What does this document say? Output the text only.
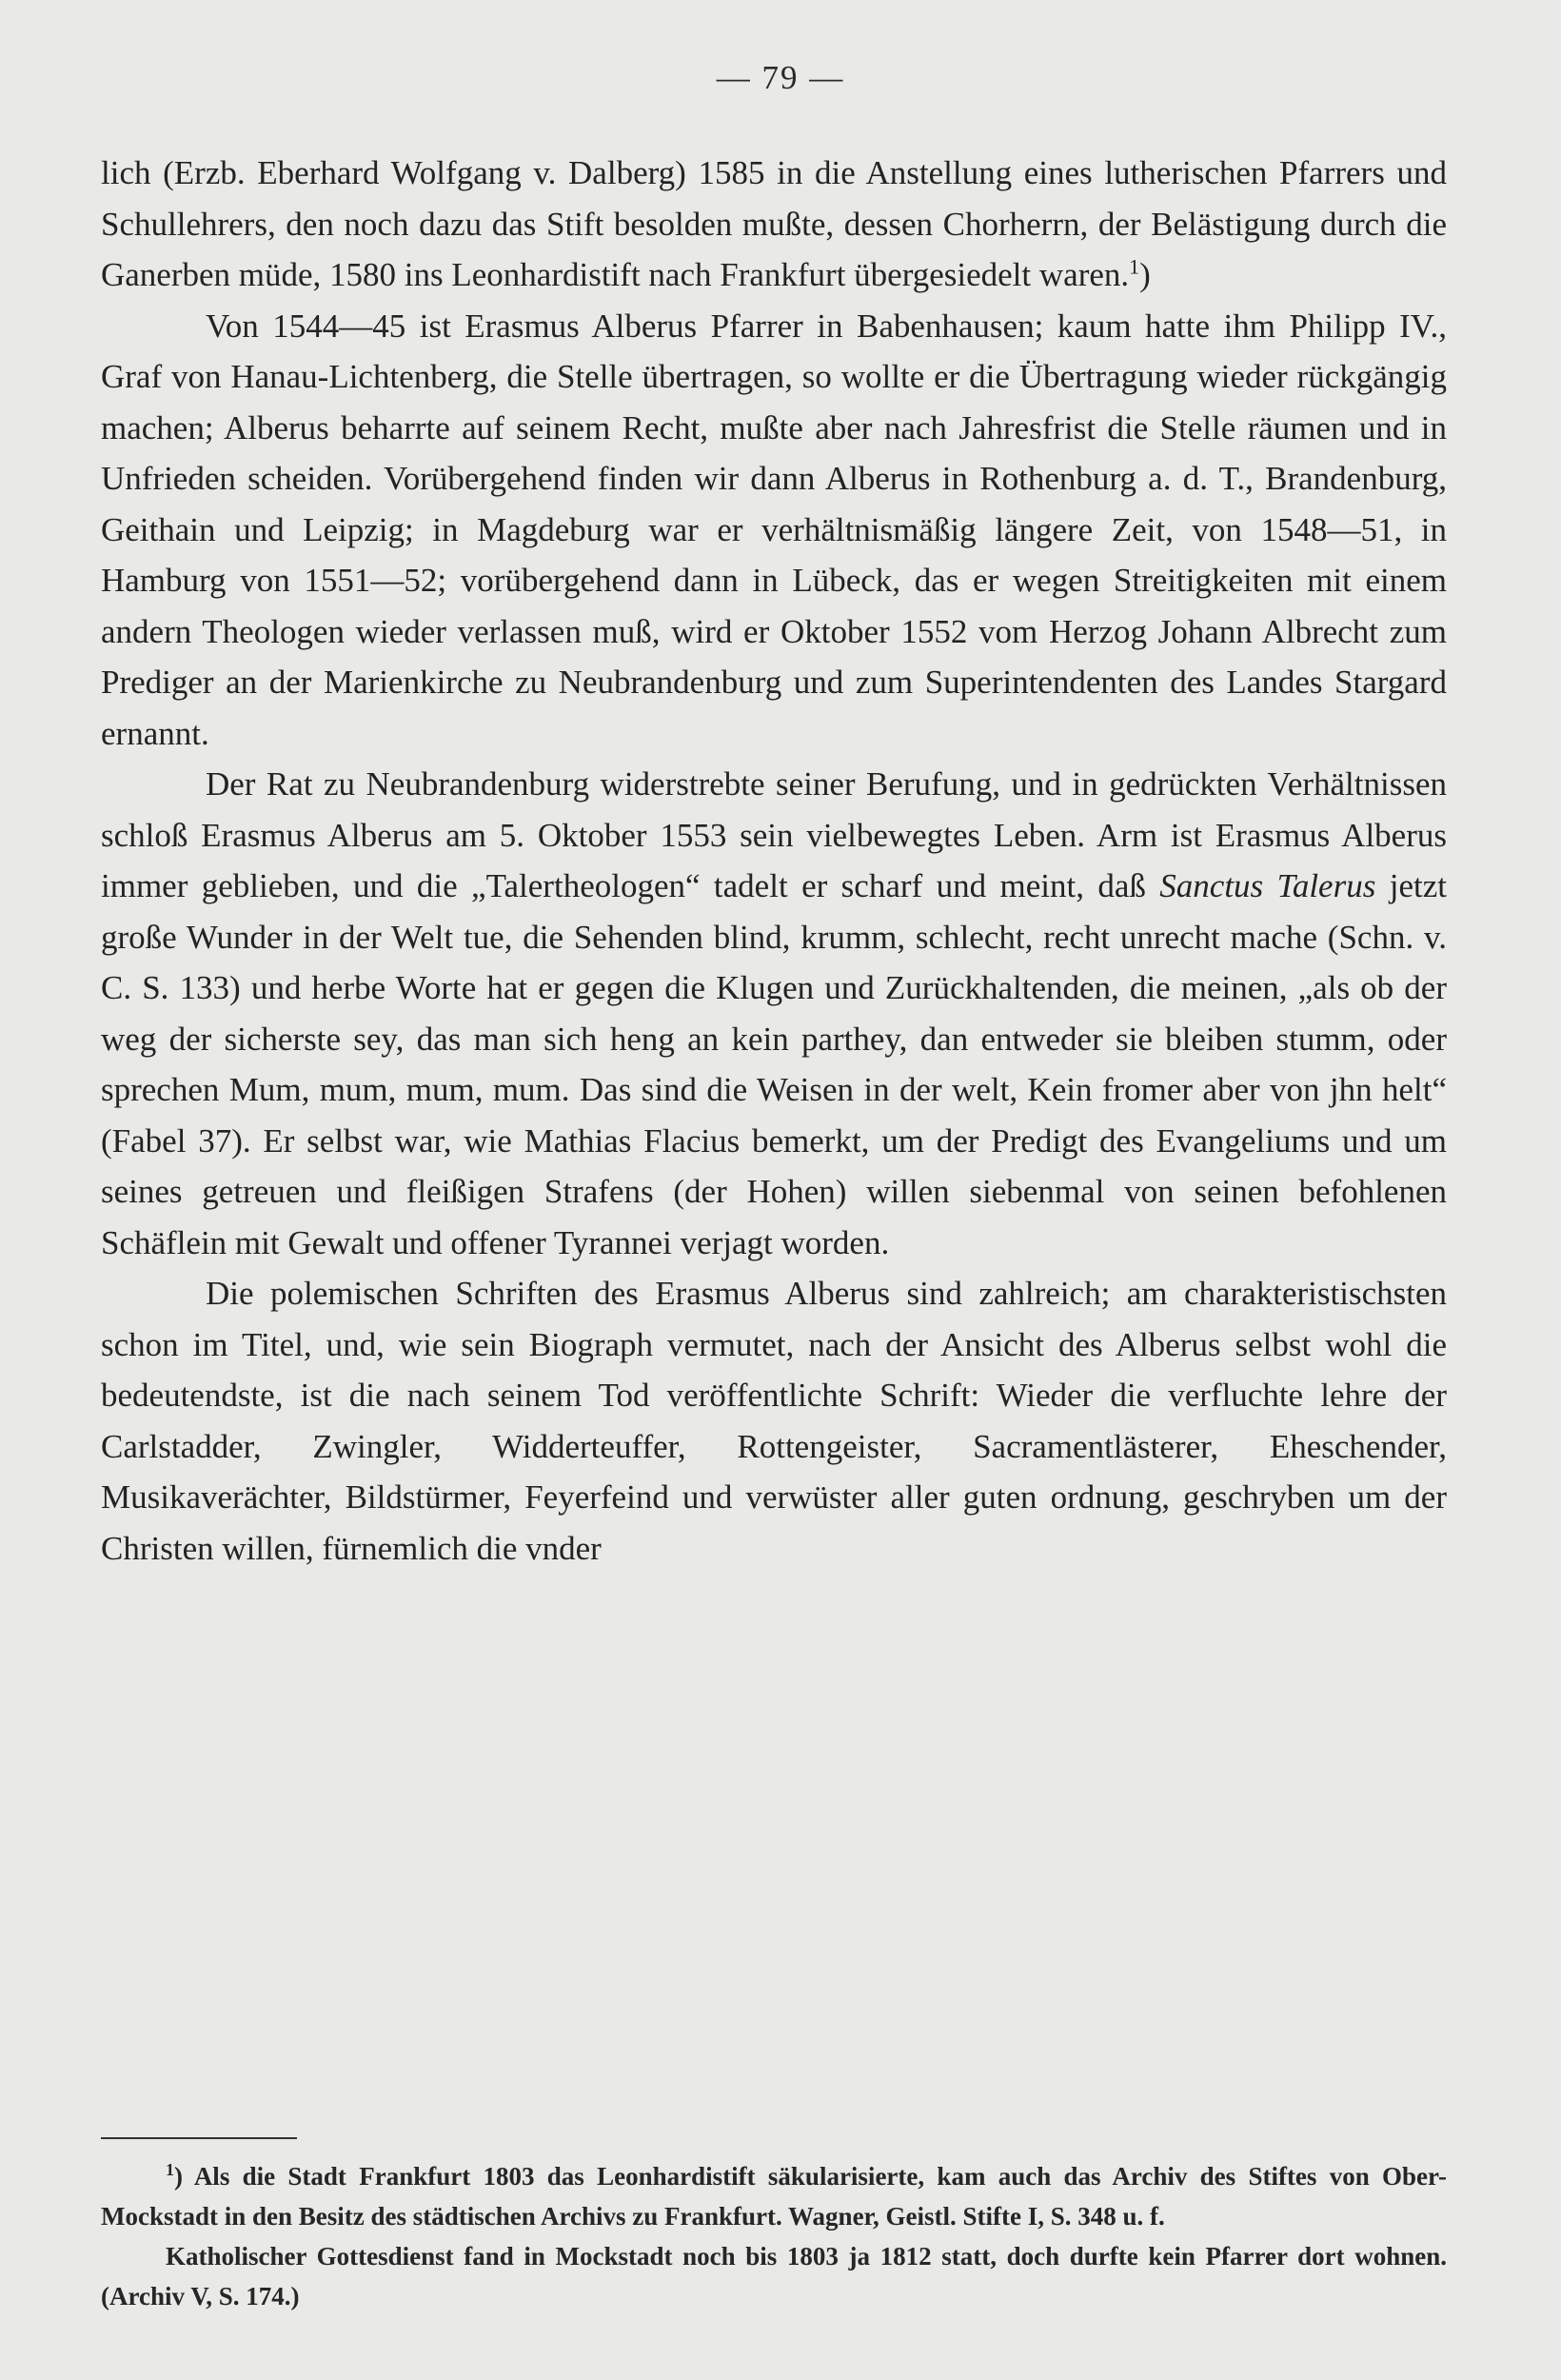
— 79 —

lich (Erzb. Eberhard Wolfgang v. Dalberg) 1585 in die Anstellung eines lutherischen Pfarrers und Schullehrers, den noch dazu das Stift besolden mußte, dessen Chorherrn, der Belästigung durch die Ganerben müde, 1580 ins Leonhardistift nach Frankfurt übergesiedelt waren.$^1$)

Von 1544—45 ist Erasmus Alberus Pfarrer in Babenhausen; kaum hatte ihm Philipp IV., Graf von Hanau-Lichtenberg, die Stelle übertragen, so wollte er die Übertragung wieder rückgängig machen; Alberus beharrte auf seinem Recht, mußte aber nach Jahresfrist die Stelle räumen und in Unfrieden scheiden. Vorübergehend finden wir dann Alberus in Rothenburg a. d. T., Brandenburg, Geithain und Leipzig; in Magdeburg war er verhältnismäßig längere Zeit, von 1548—51, in Hamburg von 1551—52; vorübergehend dann in Lübeck, das er wegen Streitigkeiten mit einem andern Theologen wieder verlassen muß, wird er Oktober 1552 vom Herzog Johann Albrecht zum Prediger an der Marienkirche zu Neubrandenburg und zum Superintendenten des Landes Stargard ernannt.

Der Rat zu Neubrandenburg widerstrebte seiner Berufung, und in gedrückten Verhältnissen schloß Erasmus Alberus am 5. Oktober 1553 sein vielbewegtes Leben. Arm ist Erasmus Alberus immer geblieben, und die „Talertheologen“ tadelt er scharf und meint, daß Sanctus Talerus jetzt große Wunder in der Welt tue, die Sehenden blind, krumm, schlecht, recht unrecht mache (Schn. v. C. S. 133) und herbe Worte hat er gegen die Klugen und Zurückhaltenden, die meinen, „als ob der weg der sicherste sey, das man sich heng an kein parthey, dan entweder sie bleiben stumm, oder sprechen Mum, mum, mum, mum. Das sind die Weisen in der welt, Kein fromer aber von jhn helt“ (Fabel 37). Er selbst war, wie Mathias Flacius bemerkt, um der Predigt des Evangeliums und um seines getreuen und fleißigen Strafens (der Hohen) willen siebenmal von seinen befohlenen Schäflein mit Gewalt und offener Tyrannei verjagt worden.

Die polemischen Schriften des Erasmus Alberus sind zahlreich; am charakteristischsten schon im Titel, und, wie sein Biograph vermutet, nach der Ansicht des Alberus selbst wohl die bedeutendste, ist die nach seinem Tod veröffentlichte Schrift: Wieder die verfluchte lehre der Carlstadder, Zwingler, Widderteuffer, Rottengeister, Sacramentlästerer, Eheschender, Musikaverächter, Bildstürmer, Feyerfeind und verwüster aller guten ordnung, geschryben um der Christen willen, fürnemlich die vnder

$^1$) Als die Stadt Frankfurt 1803 das Leonhardistift säkularisierte, kam auch das Archiv des Stiftes von Ober-Mockstadt in den Besitz des städtischen Archivs zu Frankfurt. Wagner, Geistl. Stifte I, S. 348 u. f.

Katholischer Gottesdienst fand in Mockstadt noch bis 1803 ja 1812 statt, doch durfte kein Pfarrer dort wohnen. (Archiv V, S. 174.)
